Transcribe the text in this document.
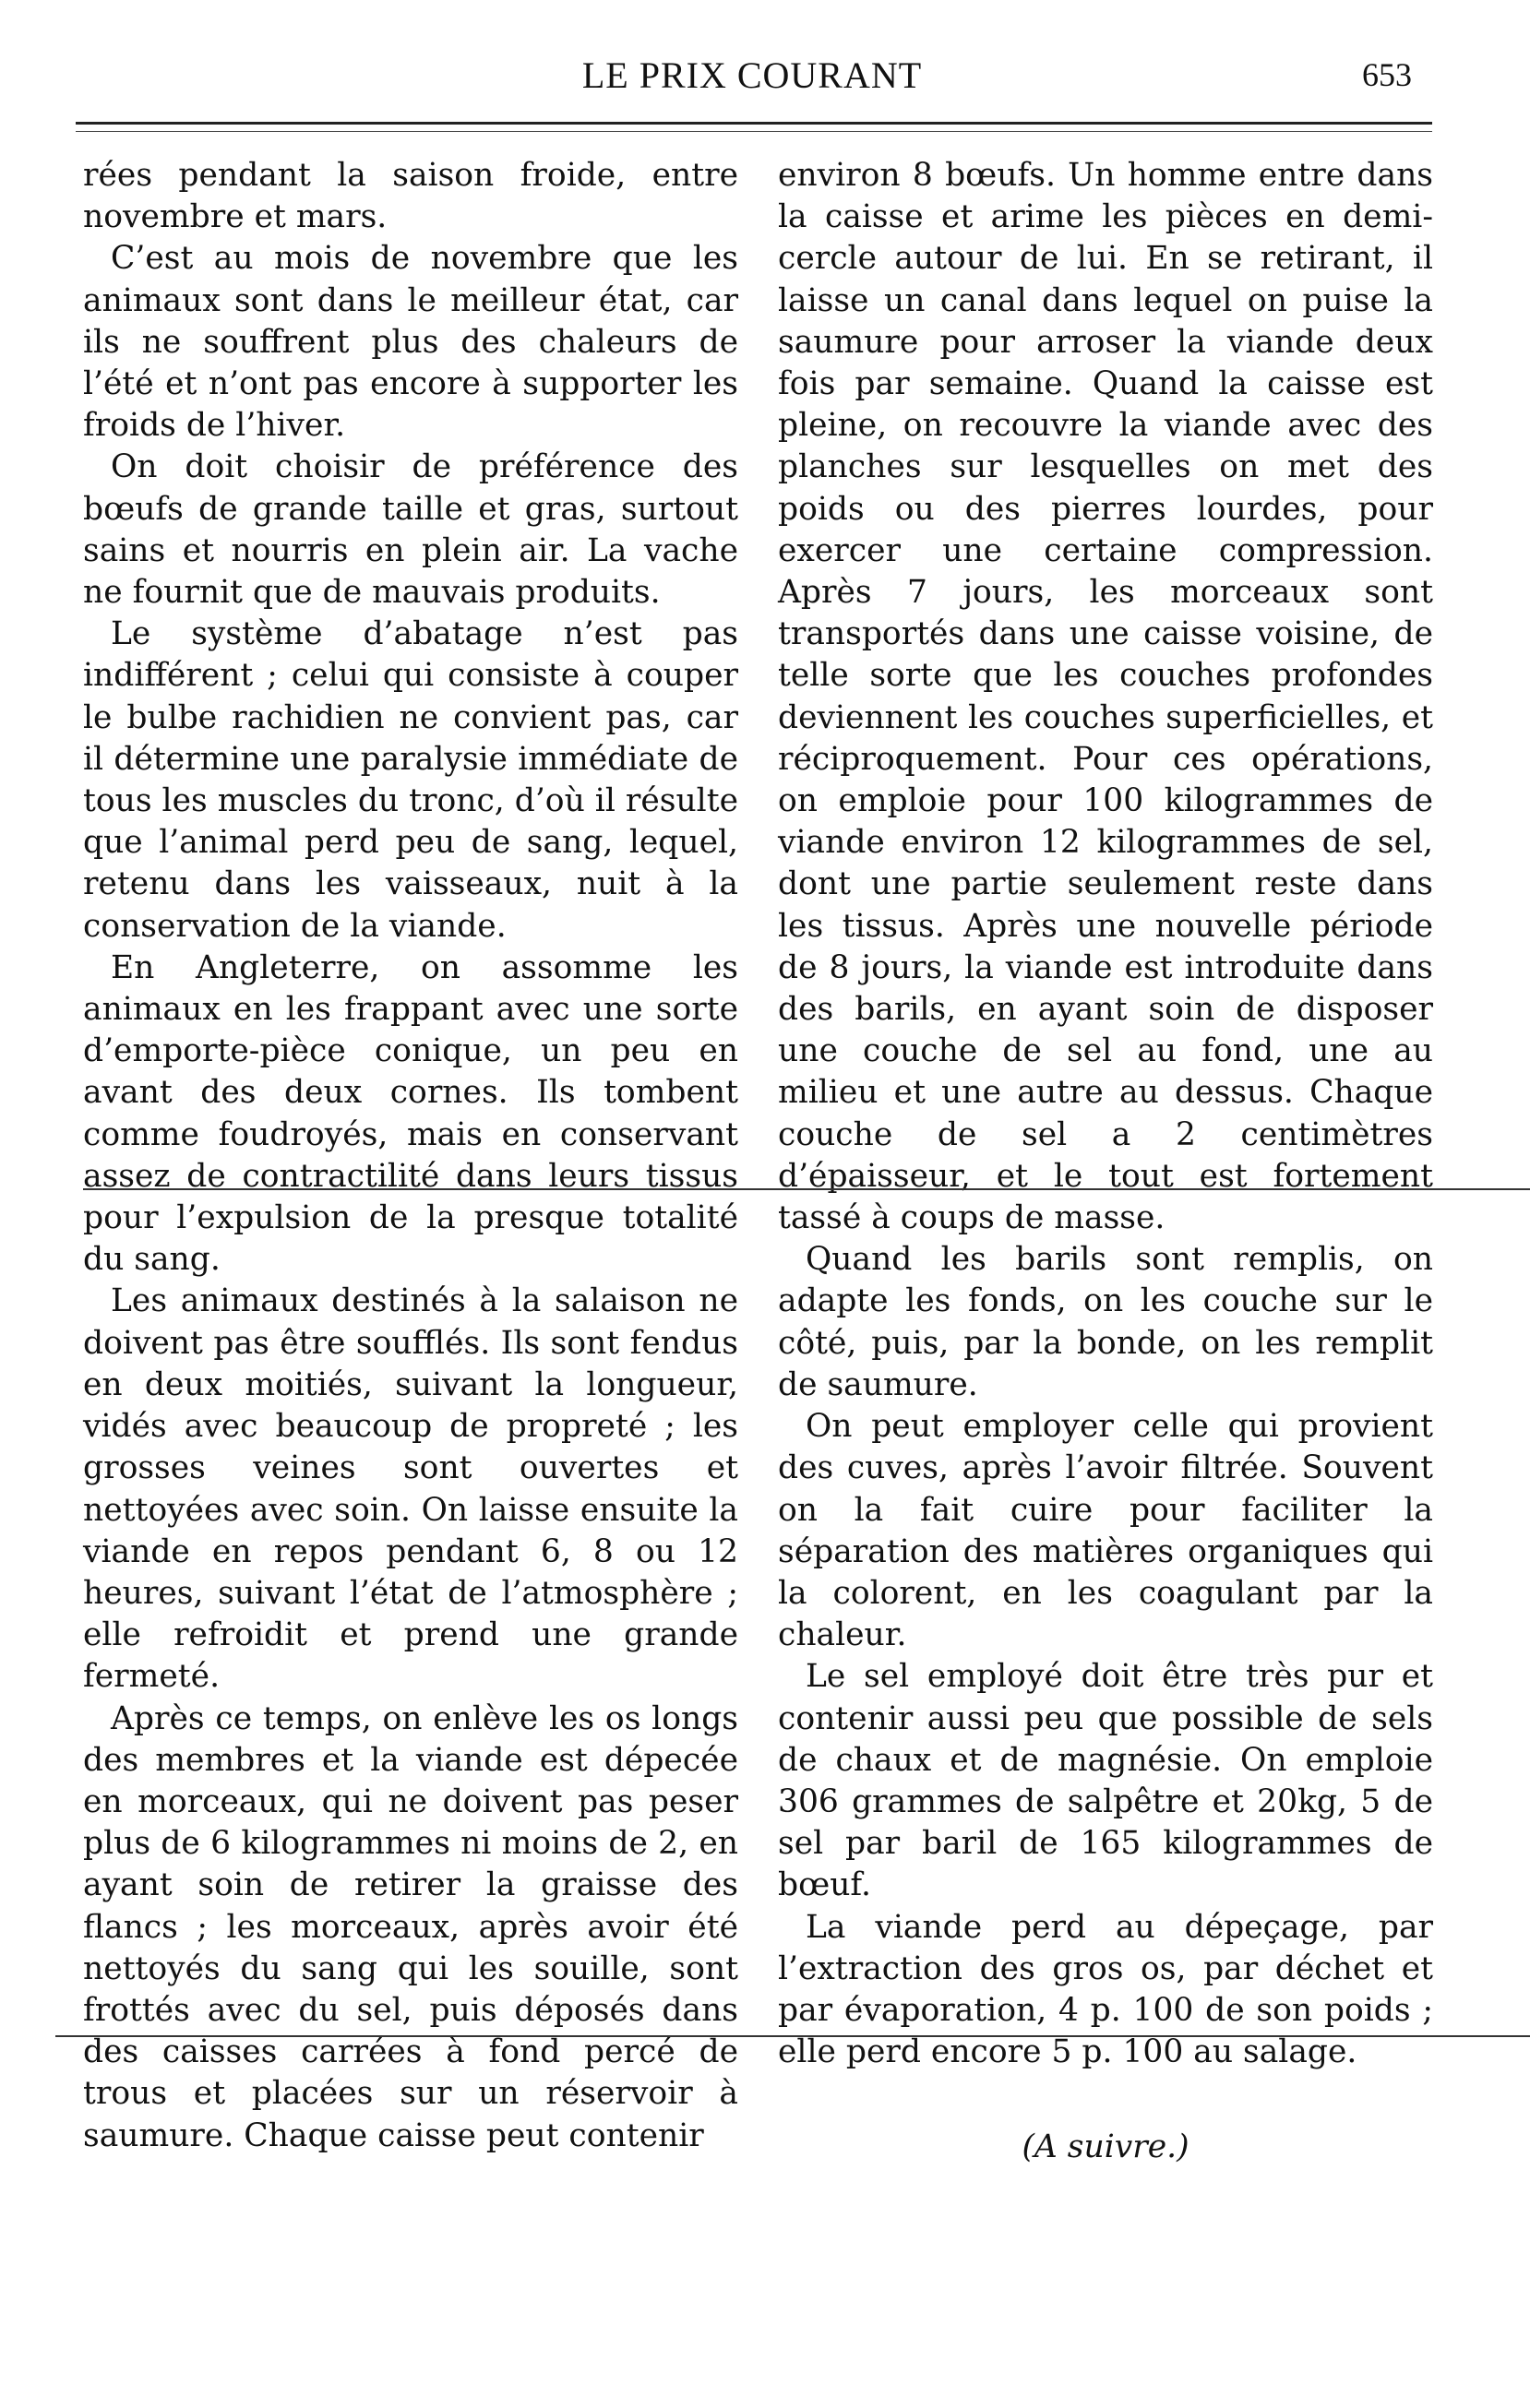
LE PRIX COURANT	653

rées pendant la saison froide, entre novembre et mars.

C’est au mois de novembre que les animaux sont dans le meilleur état, car ils ne souffrent plus des chaleurs de l’été et n’ont pas encore à supporter les froids de l’hiver.

On doit choisir de préférence des bœufs de grande taille et gras, surtout sains et nourris en plein air. La vache ne fournit que de mauvais produits.

Le système d’abatage n’est pas indifférent ; celui qui consiste à couper le bulbe rachidien ne convient pas, car il détermine une paralysie immédiate de tous les muscles du tronc, d’où il résulte que l’animal perd peu de sang, lequel, retenu dans les vaisseaux, nuit à la conservation de la viande.

En Angleterre, on assomme les animaux en les frappant avec une sorte d’emporte-pièce conique, un peu en avant des deux cornes. Ils tombent comme foudroyés, mais en conservant assez de contractilité dans leurs tissus pour l’expulsion de la presque totalité du sang.

Les animaux destinés à la salaison ne doivent pas être soufflés. Ils sont fendus en deux moitiés, suivant la longueur, vidés avec beaucoup de propreté ; les grosses veines sont ouvertes et nettoyées avec soin. On laisse ensuite la viande en repos pendant 6, 8 ou 12 heures, suivant l’état de l’atmosphère ; elle refroidit et prend une grande fermeté.

Après ce temps, on enlève les os longs des membres et la viande est dépecée en morceaux, qui ne doivent pas peser plus de 6 kilogrammes ni moins de 2, en ayant soin de retirer la graisse des flancs ; les morceaux, après avoir été nettoyés du sang qui les souille, sont frottés avec du sel, puis déposés dans des caisses carrées à fond percé de trous et placées sur un réservoir à saumure. Chaque caisse peut contenir

environ 8 bœufs. Un homme entre dans la caisse et arime les pièces en demi-cercle autour de lui. En se retirant, il laisse un canal dans lequel on puise la saumure pour arroser la viande deux fois par semaine. Quand la caisse est pleine, on recouvre la viande avec des planches sur lesquelles on met des poids ou des pierres lourdes, pour exercer une certaine compression. Après 7 jours, les morceaux sont transportés dans une caisse voisine, de telle sorte que les couches profondes deviennent les couches superficielles, et réciproquement. Pour ces opérations, on emploie pour 100 kilogrammes de viande environ 12 kilogrammes de sel, dont une partie seulement reste dans les tissus. Après une nouvelle période de 8 jours, la viande est introduite dans des barils, en ayant soin de disposer une couche de sel au fond, une au milieu et une autre au dessus. Chaque couche de sel a 2 centimètres d’épaisseur, et le tout est fortement tassé à coups de masse.

Quand les barils sont remplis, on adapte les fonds, on les couche sur le côté, puis, par la bonde, on les remplit de saumure.

On peut employer celle qui provient des cuves, après l’avoir filtrée. Souvent on la fait cuire pour faciliter la séparation des matières organiques qui la colorent, en les coagulant par la chaleur.

Le sel employé doit être très pur et contenir aussi peu que possible de sels de chaux et de magnésie. On emploie 306 grammes de salpêtre et 20kg, 5 de sel par baril de 165 kilogrammes de bœuf.

La viande perd au dépeçage, par l’extraction des gros os, par déchet et par évaporation, 4 p. 100 de son poids ; elle perd encore 5 p. 100 au salage.

(A suivre.)
